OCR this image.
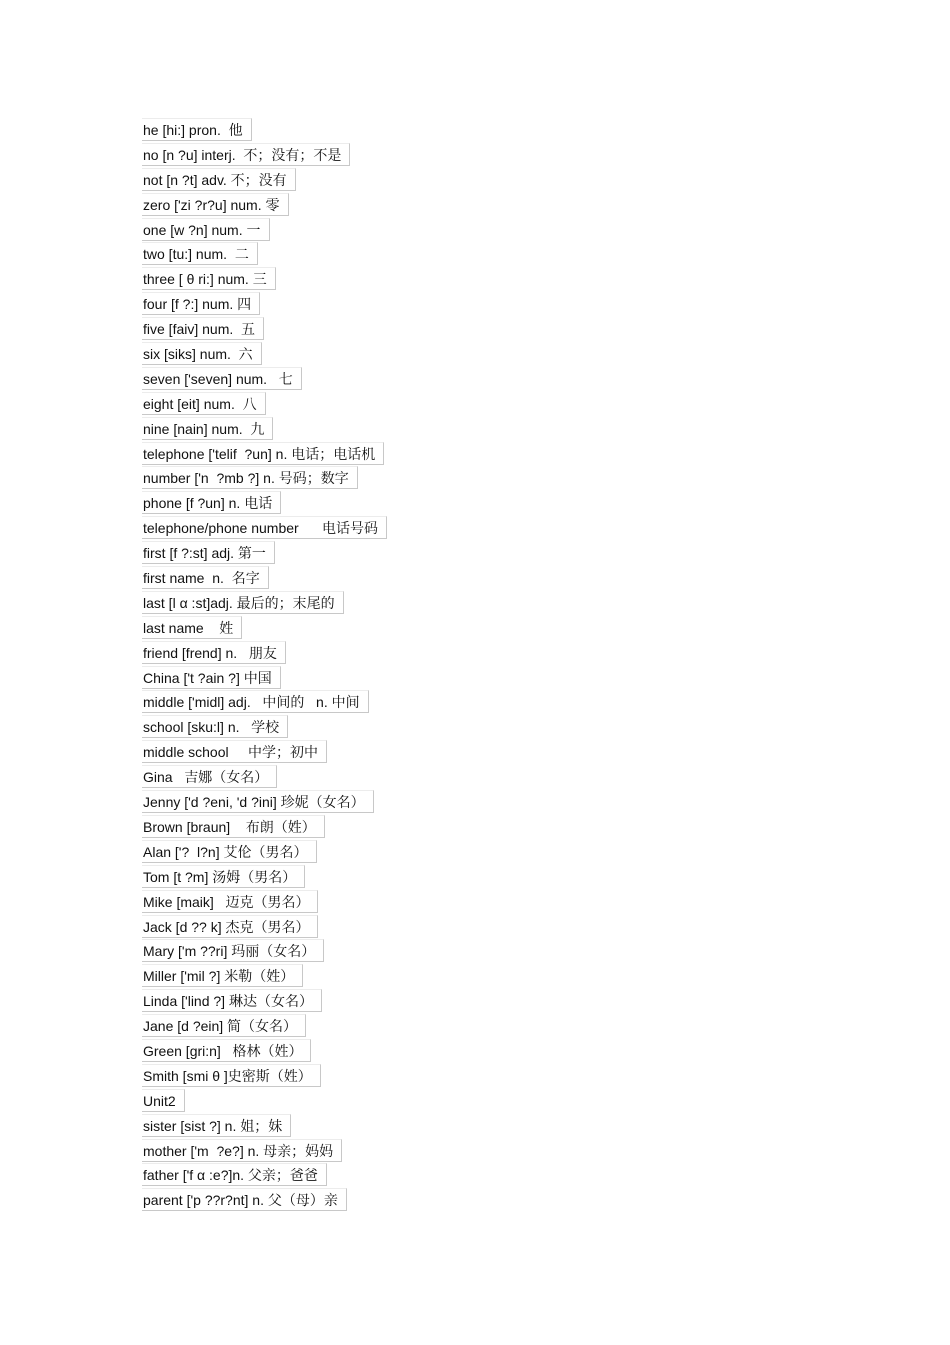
he [hi:] pron.  他
no [n ?u] interj.  不；没有；不是
not [n ?t] adv. 不；没有
zero ['zi ?r?u] num. 零
one [w ?n] num. 一
two [tu:] num.  二
three [ θ ri:] num. 三
four [f ?:] num. 四
five [faiv] num.  五
six [siks] num.  六
seven ['seven] num.   七
eight [eit] num.  八
nine [nain] num.  九
telephone ['telif  ?un] n. 电话；电话机
number ['n  ?mb ?] n. 号码；数字
phone [f ?un] n. 电话
telephone/phone number      电话号码
first [f ?:st] adj. 第一
first name  n.  名字
last [l α :st]adj. 最后的；末尾的
last name    姓
friend [frend] n.   朋友
China ['t ?ain ?] 中国
middle ['midl] adj.   中间的   n. 中间
school [sku:l] n.   学校
middle school     中学；初中
Gina   吉娜（女名）
Jenny ['d ?eni, 'd ?ini] 珍妮（女名）
Brown [braun]    布朗（姓）
Alan ['?  l?n] 艾伦（男名）
Tom [t ?m] 汤姆（男名）
Mike [maik]   迈克（男名）
Jack [d ?? k] 杰克（男名）
Mary ['m ??ri] 玛丽（女名）
Miller ['mil ?] 米勒（姓）
Linda ['lind ?] 琳达（女名）
Jane [d ?ein] 简（女名）
Green [gri:n]   格林（姓）
Smith [smi θ ]史密斯（姓）
Unit2
sister [sist ?] n. 姐；妹
mother ['m  ?e?] n. 母亲；妈妈
father ['f α :e?]n. 父亲；爸爸
parent ['p ??r?nt] n. 父（母）亲
